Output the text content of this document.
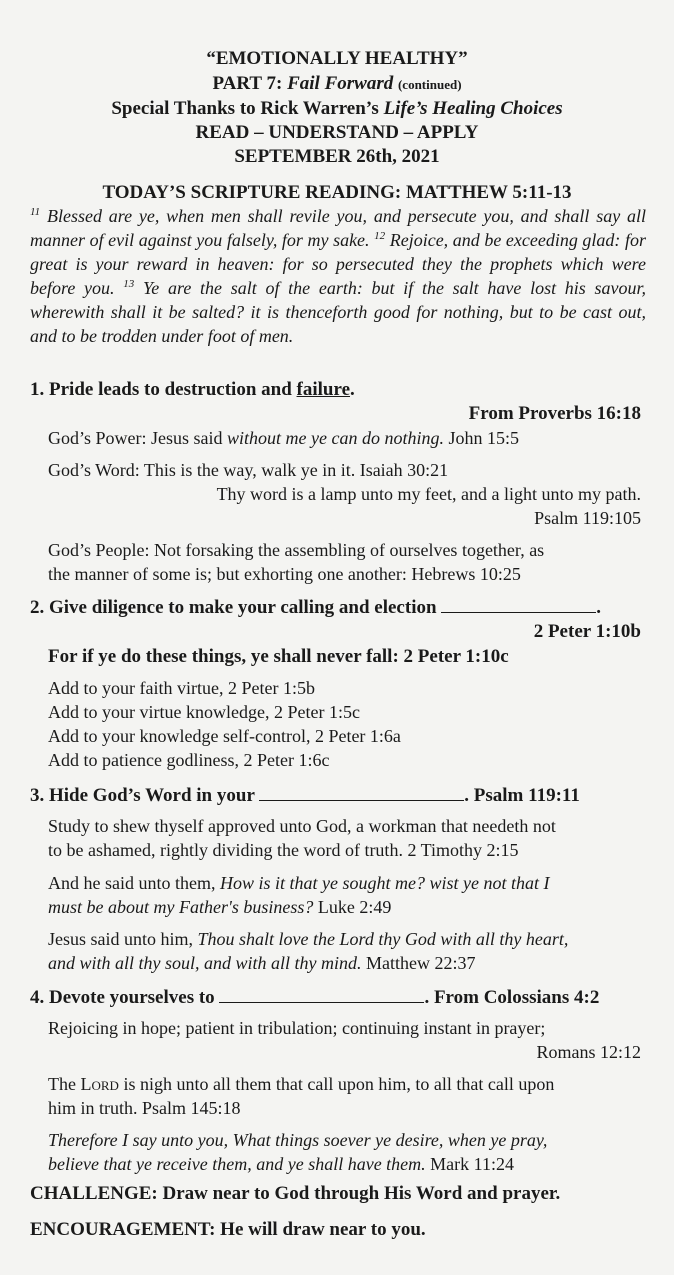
“EMOTIONALLY HEALTHY”
PART 7: Fail Forward (continued)
Special Thanks to Rick Warren’s Life’s Healing Choices
READ – UNDERSTAND – APPLY
SEPTEMBER 26th, 2021
TODAY’S SCRIPTURE READING: MATTHEW 5:11-13
$^{11}$ Blessed are ye, when men shall revile you, and persecute you, and shall say all manner of evil against you falsely, for my sake. $^{12}$ Rejoice, and be exceeding glad: for great is your reward in heaven: for so persecuted they the prophets which were before you. $^{13}$ Ye are the salt of the earth: but if the salt have lost his savour, wherewith shall it be salted? it is thenceforth good for nothing, but to be cast out, and to be trodden under foot of men.
1. Pride leads to destruction and failure.
From Proverbs 16:18
God’s Power: Jesus said without me ye can do nothing. John 15:5
God’s Word: This is the way, walk ye in it. Isaiah 30:21
Thy word is a lamp unto my feet, and a light unto my path.
Psalm 119:105
God’s People: Not forsaking the assembling of ourselves together, as
the manner of some is; but exhorting one another: Hebrews 10:25
2. Give diligence to make your calling and election	.
2 Peter 1:10b
For if ye do these things, ye shall never fall: 2 Peter 1:10c
Add to your faith virtue, 2 Peter 1:5b
Add to your virtue knowledge, 2 Peter 1:5c
Add to your knowledge self-control, 2 Peter 1:6a
Add to patience godliness, 2 Peter 1:6c
3. Hide God’s Word in your	. Psalm 119:11
Study to shew thyself approved unto God, a workman that needeth not
to be ashamed, rightly dividing the word of truth. 2 Timothy 2:15
And he said unto them, How is it that ye sought me? wist ye not that I
must be about my Father's business? Luke 2:49
Jesus said unto him, Thou shalt love the Lord thy God with all thy heart,
and with all thy soul, and with all thy mind. Matthew 22:37
4. Devote yourselves to	. From Colossians 4:2
Rejoicing in hope; patient in tribulation; continuing instant in prayer;
Romans 12:12
The Lord is nigh unto all them that call upon him, to all that call upon
him in truth. Psalm 145:18
Therefore I say unto you, What things soever ye desire, when ye pray,
believe that ye receive them, and ye shall have them. Mark 11:24
CHALLENGE: Draw near to God through His Word and prayer.
ENCOURAGEMENT: He will draw near to you.
